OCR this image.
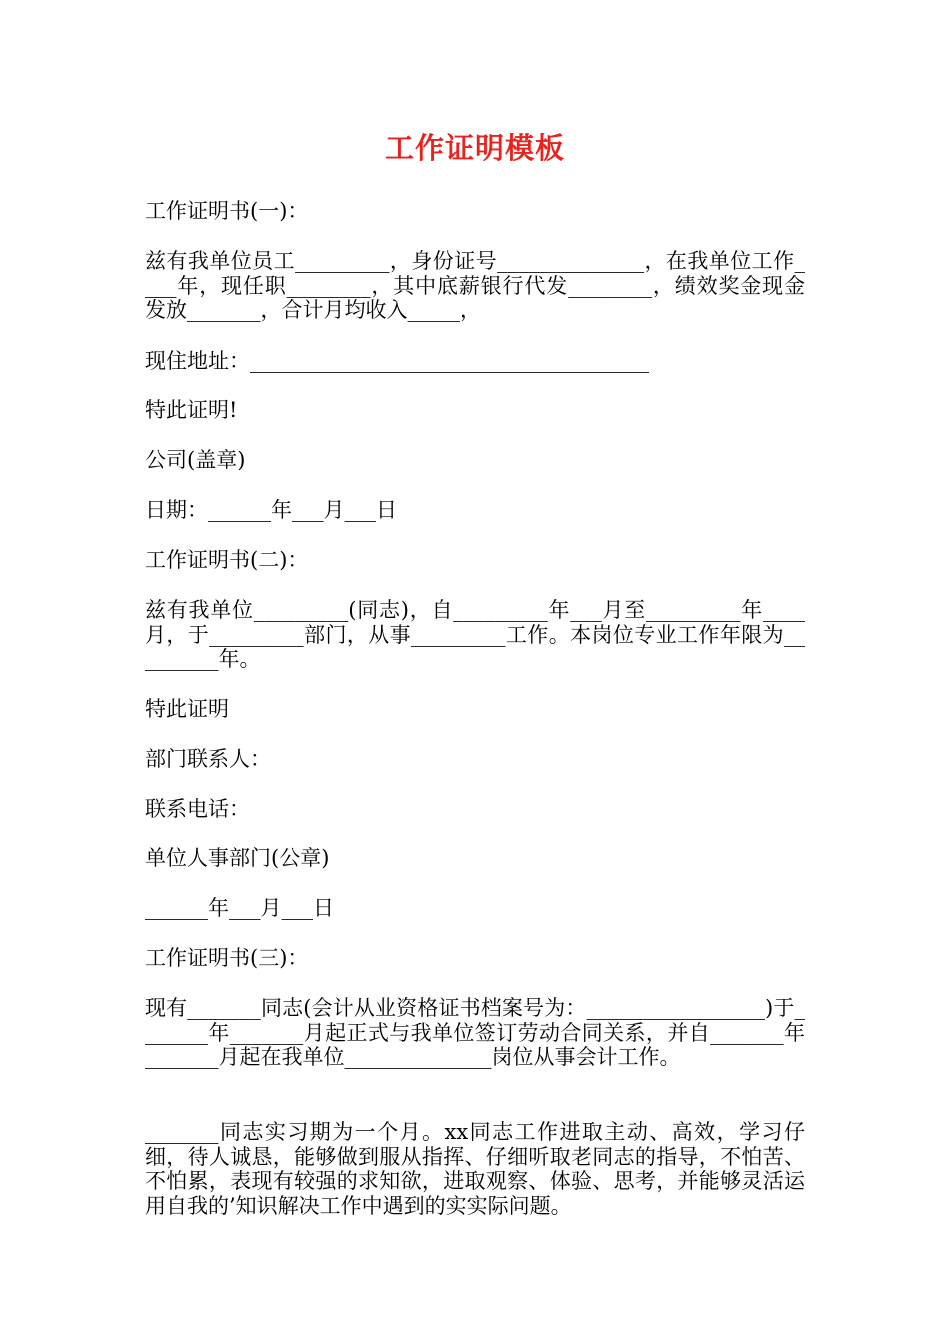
工作证明模板
工作证明书(一)：
兹有我单位员工_________，身份证号______________，在我单位工作____年，现任职________，其中底薪银行代发________，绩效奖金现金发放_______，合计月均收入_____，
现住地址：______________________________________
特此证明!
公司(盖章)
日期：______年___月___日
工作证明书(二)：
兹有我单位_________(同志)，自_________年___月至_________年____月，于_________部门，从事_________工作。本岗位专业工作年限为_________年。
特此证明
部门联系人：
联系电话：
单位人事部门(公章)
______年___月___日
工作证明书(三)：
现有_______同志(会计从业资格证书档案号为：_________________)于_______年_______月起正式与我单位签订劳动合同关系，并自_______年_______月起在我单位______________岗位从事会计工作。
_______同志实习期为一个月。xx同志工作进取主动、高效，学习仔细，待人诚恳，能够做到服从指挥、仔细听取老同志的指导，不怕苦、不怕累，表现有较强的求知欲，进取观察、体验、思考，并能够灵活运用自我的’知识解决工作中遇到的实实际问题。
